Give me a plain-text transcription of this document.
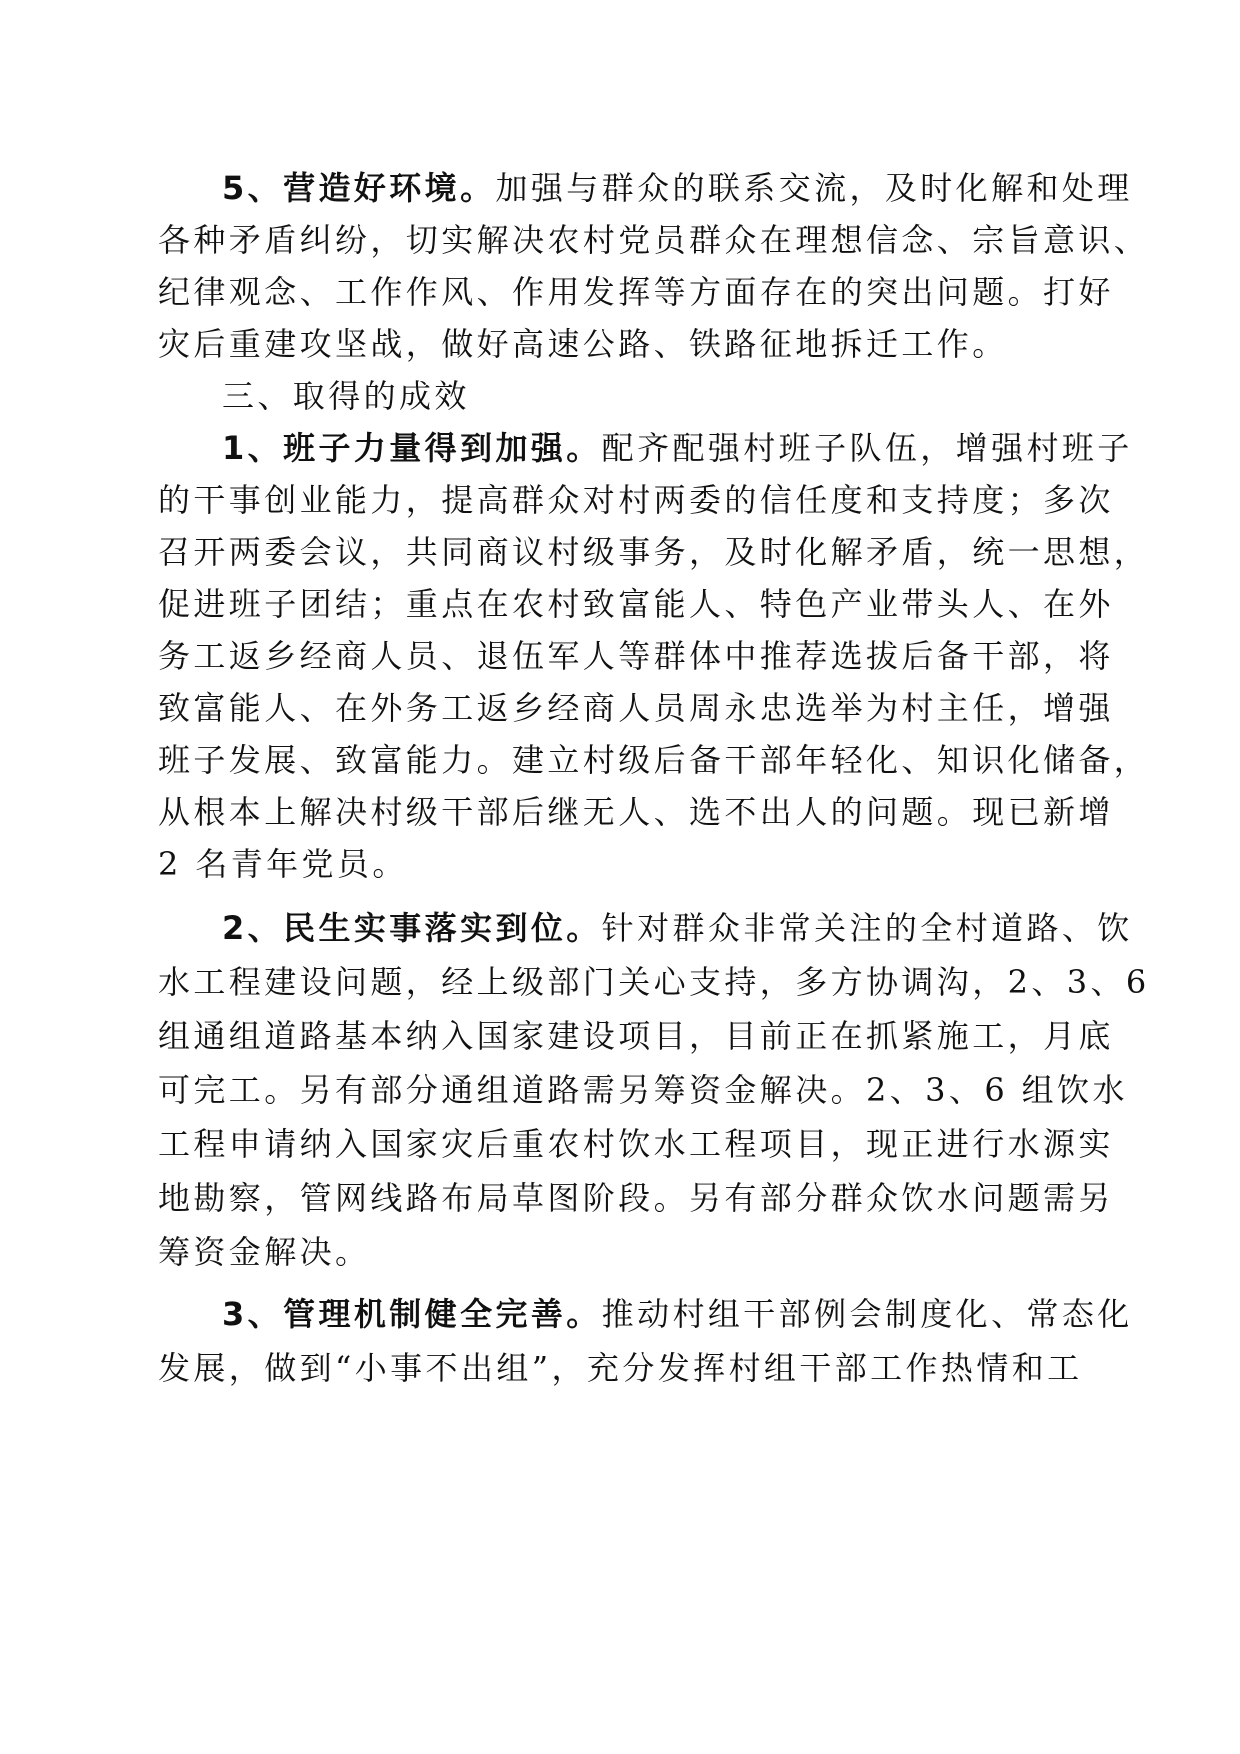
5、营造好环境。加强与群众的联系交流，及时化解和处理
各种矛盾纠纷，切实解决农村党员群众在理想信念、宗旨意识、
纪律观念、工作作风、作用发挥等方面存在的突出问题。打好
灾后重建攻坚战，做好高速公路、铁路征地拆迁工作。
三、取得的成效
1、班子力量得到加强。配齐配强村班子队伍，增强村班子
的干事创业能力，提高群众对村两委的信任度和支持度；多次
召开两委会议，共同商议村级事务，及时化解矛盾，统一思想，
促进班子团结；重点在农村致富能人、特色产业带头人、在外
务工返乡经商人员、退伍军人等群体中推荐选拔后备干部，将
致富能人、在外务工返乡经商人员周永忠选举为村主任，增强
班子发展、致富能力。建立村级后备干部年轻化、知识化储备，
从根本上解决村级干部后继无人、选不出人的问题。现已新增
2 名青年党员。
2、民生实事落实到位。针对群众非常关注的全村道路、饮
水工程建设问题，经上级部门关心支持，多方协调沟，2、3、6
组通组道路基本纳入国家建设项目，目前正在抓紧施工，月底
可完工。另有部分通组道路需另筹资金解决。2、3、6 组饮水
工程申请纳入国家灾后重农村饮水工程项目，现正进行水源实
地勘察，管网线路布局草图阶段。另有部分群众饮水问题需另
筹资金解决。
3、管理机制健全完善。推动村组干部例会制度化、常态化
发展，做到“小事不出组”，充分发挥村组干部工作热情和工
